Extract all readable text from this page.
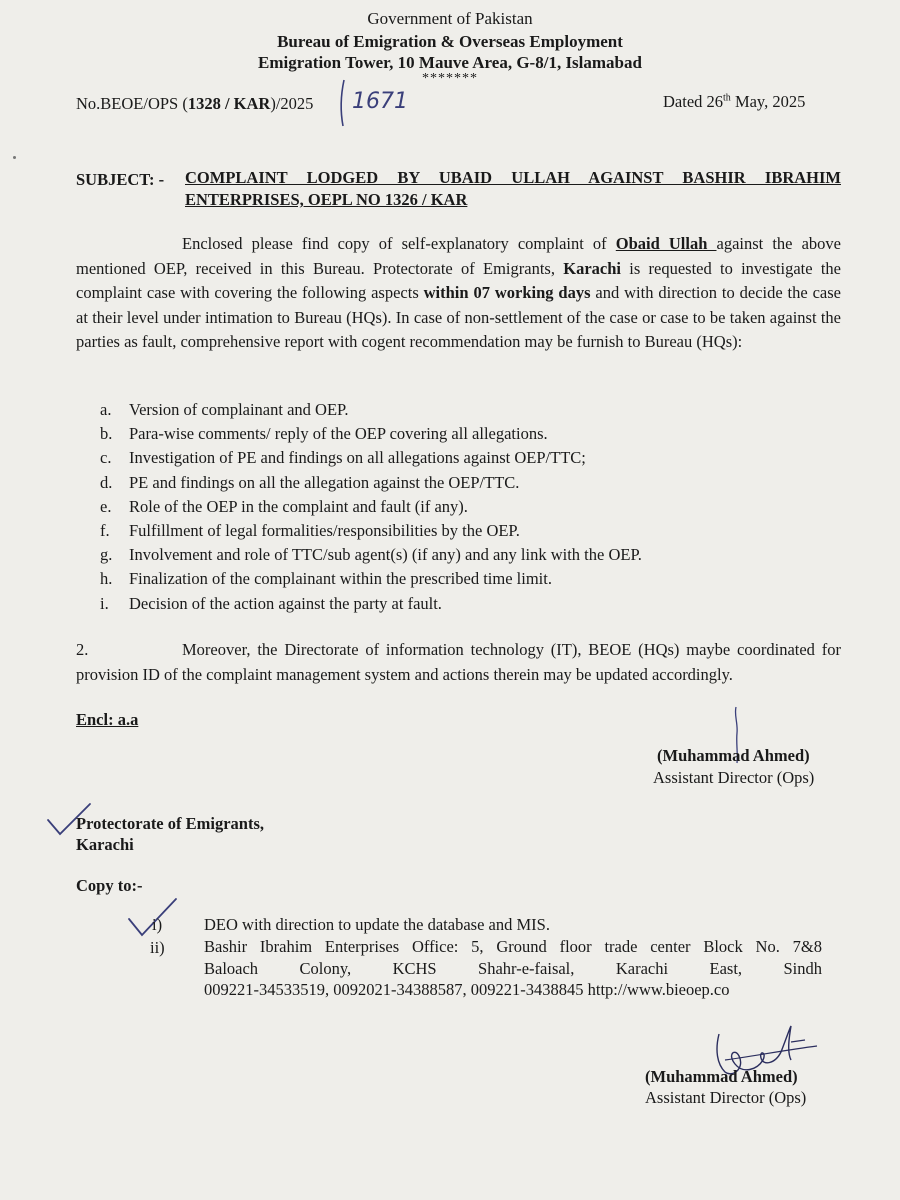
Government of Pakistan
Bureau of Emigration & Overseas Employment
Emigration Tower, 10 Mauve Area, G-8/1, Islamabad
*******
No.BEOE/OPS (1328 / KAR)/2025 1671	Dated 26th May, 2025
SUBJECT: - COMPLAINT LODGED BY UBAID ULLAH AGAINST BASHIR IBRAHIM
ENTERPRISES, OEPL NO 1326 / KAR
Enclosed please find copy of self-explanatory complaint of Obaid Ullah against the above mentioned OEP, received in this Bureau. Protectorate of Emigrants, Karachi is requested to investigate the complaint case with covering the following aspects within 07 working days and with direction to decide the case at their level under intimation to Bureau (HQs). In case of non-settlement of the case or case to be taken against the parties as fault, comprehensive report with cogent recommendation may be furnish to Bureau (HQs):
a.	Version of complainant and OEP.
b.	Para-wise comments/ reply of the OEP covering all allegations.
c.	Investigation of PE and findings on all allegations against OEP/TTC;
d.	PE and findings on all the allegation against the OEP/TTC.
e.	Role of the OEP in the complaint and fault (if any).
f.	Fulfillment of legal formalities/responsibilities by the OEP.
g.	Involvement and role of TTC/sub agent(s) (if any) and any link with the OEP.
h.	Finalization of the complainant within the prescribed time limit.
i.	Decision of the action against the party at fault.
2.	Moreover, the Directorate of information technology (IT), BEOE (HQs) maybe coordinated for provision ID of the complaint management system and actions therein may be updated accordingly.
Encl: a.a
(Muhammad Ahmed)
Assistant Director (Ops)
Protectorate of Emigrants,
Karachi
Copy to:-
i)	DEO with direction to update the database and MIS.
ii) Bashir Ibrahim Enterprises Office: 5, Ground floor trade center Block No. 7&8
Baloach Colony, KCHS Shahr-e-faisal, Karachi East, Sindh
009221-34533519, 0092021-34388587, 009221-3438845 http://www.bieoep.co
(Muhammad Ahmed)
Assistant Director (Ops)
